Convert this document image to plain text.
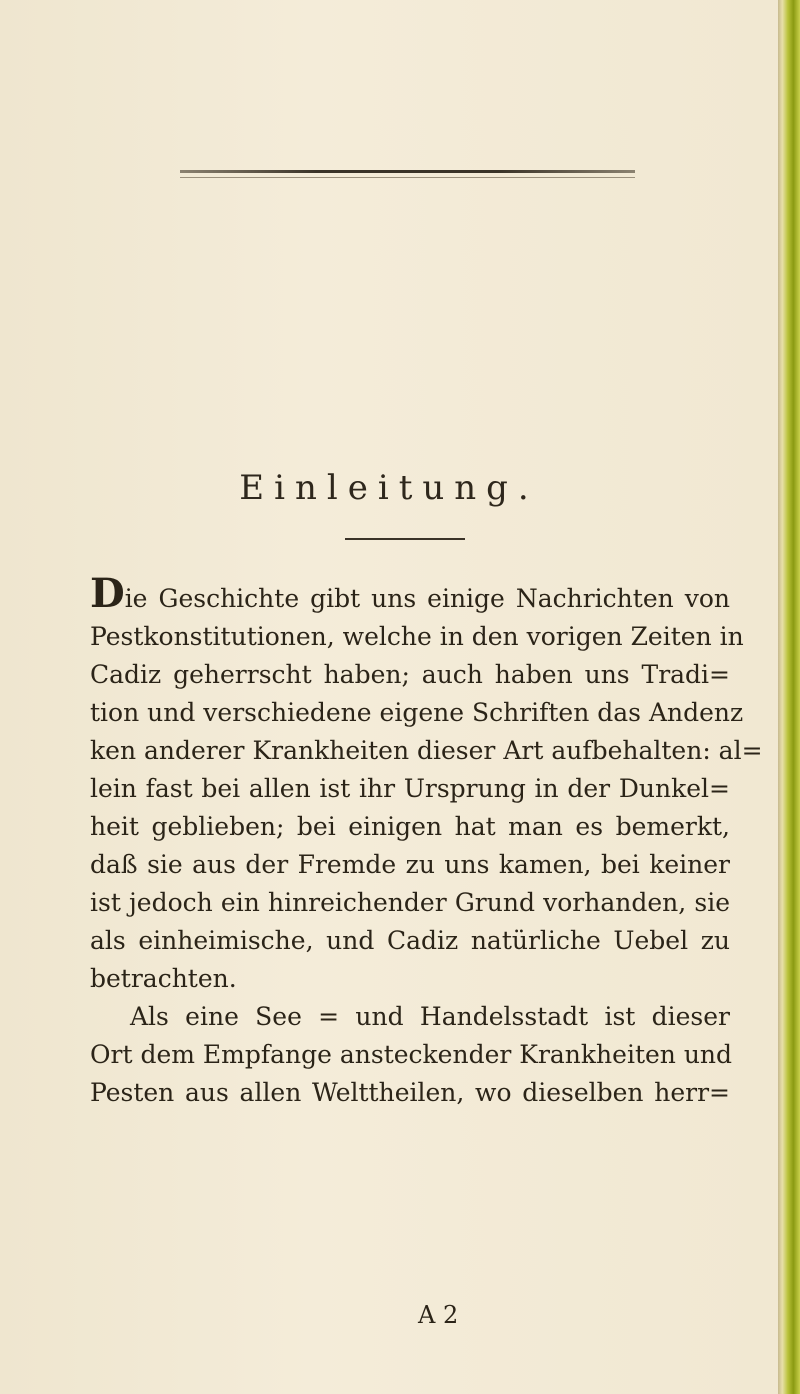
Einleitung.
Die Geschichte gibt uns einige Nachrichten von
Pestkonstitutionen, welche in den vorigen Zeiten in
Cadiz geherrscht haben; auch haben uns Tradi=
tion und verschiedene eigene Schriften das Andenz
ken anderer Krankheiten dieser Art aufbehalten: al=
lein fast bei allen ist ihr Ursprung in der Dunkel=
heit geblieben; bei einigen hat man es bemerkt,
daß sie aus der Fremde zu uns kamen, bei keiner
ist jedoch ein hinreichender Grund vorhanden, sie
als einheimische, und Cadiz natürliche Uebel zu
betrachten.
Als eine See = und Handelsstadt ist dieser
Ort dem Empfange ansteckender Krankheiten und
Pesten aus allen Welttheilen, wo dieselben herr=
A 2
